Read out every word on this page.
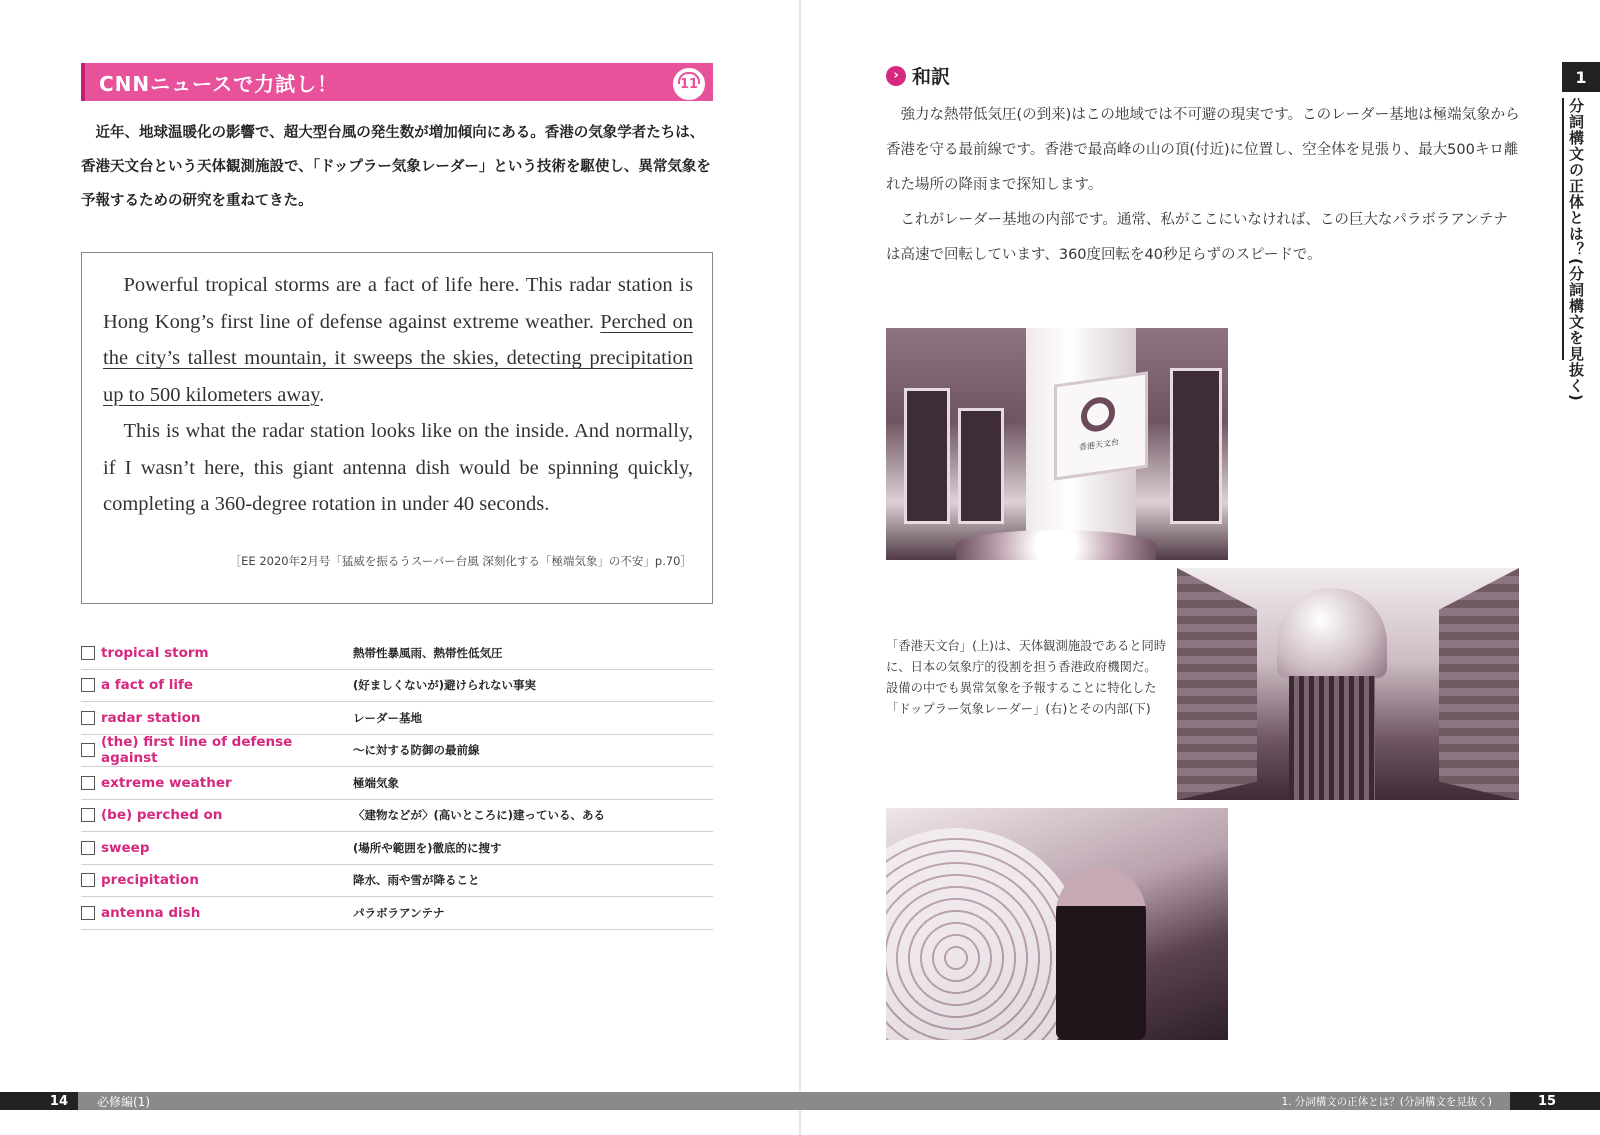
CNNニュースで力試し！	11

近年、地球温暖化の影響で、超大型台風の発生数が増加傾向にある。香港の気象学者たちは、香港天文台という天体観測施設で、「ドップラー気象レーダー」という技術を駆使し、異常気象を予報するための研究を重ねてきた。

Powerful tropical storms are a fact of life here. This radar station is Hong Kong’s first line of defense against extreme weather. Perched on the city’s tallest mountain, it sweeps the skies, detecting precipitation up to 500 kilometers away.

This is what the radar station looks like on the inside. And normally, if I wasn’t here, this giant antenna dish would be spinning quickly, completing a 360-degree rotation in under 40 seconds.

［EE 2020年2月号「猛威を振るうスーパー台風 深刻化する「極端気象」の不安」p.70］
tropical storm	熱帯性暴風雨、熱帯性低気圧
a fact of life	(好ましくないが)避けられない事実
radar station	レーダー基地
(the) first line of defense against	～に対する防御の最前線
extreme weather	極端気象
(be) perched on	〈建物などが〉(高いところに)建っている、ある
sweep	(場所や範囲を)徹底的に捜す
precipitation	降水、雨や雪が降ること
antenna dish	パラボラアンテナ
› 和訳

強力な熱帯低気圧(の到来)はこの地域では不可避の現実です。このレーダー基地は極端気象から香港を守る最前線です。香港で最高峰の山の頂(付近)に位置し、空全体を見張り、最大500キロ離れた場所の降雨まで探知します。

これがレーダー基地の内部です。通常、私がここにいなければ、この巨大なパラボラアンテナは高速で回転しています、360度回転を40秒足らずのスピードで。

香港天文台
「香港天文台」(上)は、天体観測施設であると同時に、日本の気象庁的役割を担う香港政府機関だ。設備の中でも異常気象を予報することに特化した「ドップラー気象レーダー」(右)とその内部(下)
1
分詞構文の正体とは？(分詞構文を見抜く)
14	必修編(1)	1. 分詞構文の正体とは？(分詞構文を見抜く)	15
